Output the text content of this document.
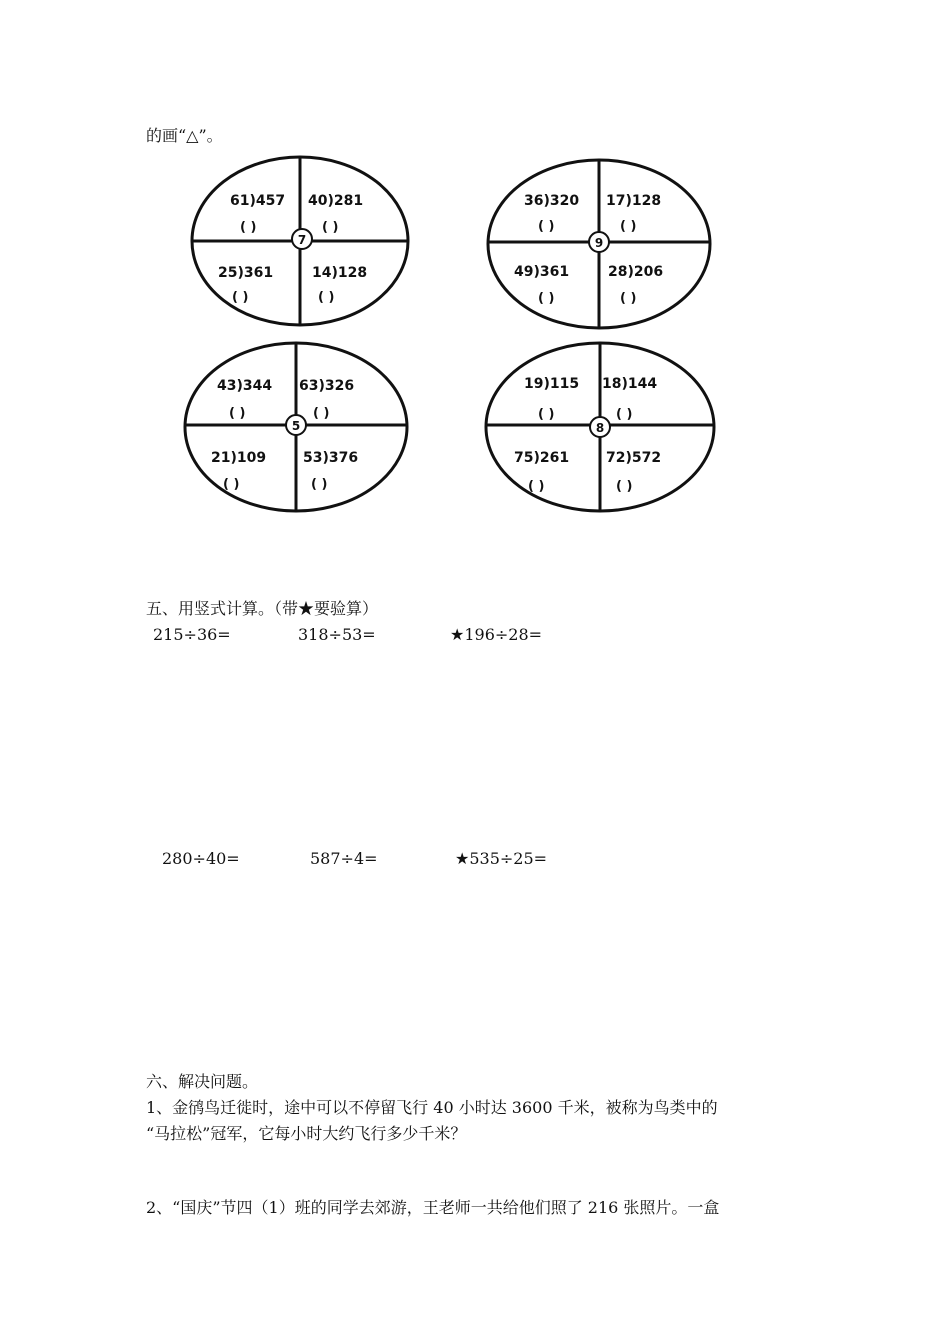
的画“△”。
7
61)457 40)281
25)361	14)128
( )	( )
( )	( )
9
36)320 17)128
49)361	28)206
( )	( )
( )	( )
5
43)344 63)326
21)109	53)376
( )	( )
( )	( )
8
19)115 18)144
75)261	72)572
( )	( )
( )	( )
五、用竖式计算。（带★要验算）
215÷36=	318÷53=	★196÷28=
280÷40=	587÷4=	★535÷25=
六、解决问题。
1、金鸻鸟迁徙时，途中可以不停留飞行 40 小时达 3600 千米，被称为鸟类中的
“马拉松”冠军，它每小时大约飞行多少千米？
2、“国庆”节四（1）班的同学去郊游，王老师一共给他们照了 216 张照片。一盒
